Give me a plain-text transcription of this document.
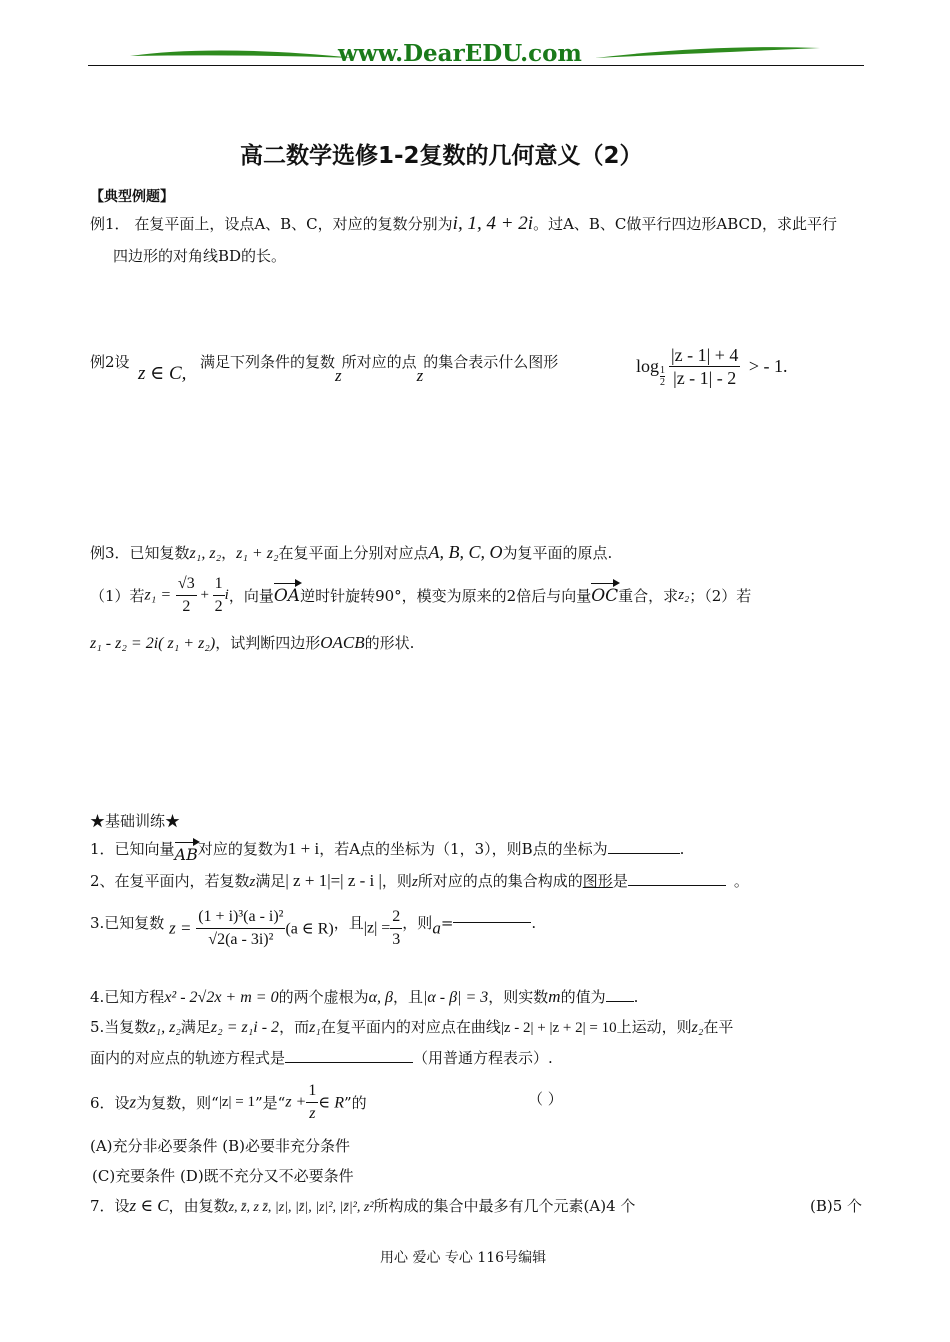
www.DearEDU.com
高二数学选修1-2复数的几何意义（2）
【典型例题】
例1． 在复平面上，设点A、B、C，对应的复数分别为i, 1, 4 + 2i。过A、B、C做平行四边形ABCD，求此平行
四边形的对角线BD的长。
例2设
z ∈ C,
满足下列条件的复数z所对应的点z的集合表示什么图形	$\log \frac{1}{2} \frac{|z - 1| + 4}{|z - 1| - 2}$ > - 1.
例3．已知复数z₁, z₂，z₁ + z₂在复平面上分别对应点A, B, C, O为复平面的原点.
（1）若$z_1 = \frac{√3}{2} + \frac{1}{2}$ i，向量OA逆时针旋转90°，模变为原来的2倍后与向量OC重合，求z₂；（2）若
z₁ - z₂ = 2i( z₁ + z₂)，试判断四边形OACB的形状.
★基础训练★
1．已知向量AB对应的复数为1 + i，若A点的坐标为（1，3），则B点的坐标为	.
2、在复平面内，若复数z满足| z + 1|=| z - i |，则z所对应的点的集合构成的图形是	。
3.已知复数 $z = \frac{\text{(1 + i)³(a - i)²}}{\text{√2(a - 3i)²}} (a$ ∈ R)，且$|z| = \frac{2}{3}$ ，则a=	.
4.已知方程x² - 2√2x + m = 0的两个虚根为α, β，且|α - β| = 3，则实数m的值为 .
5.当复数z₁, z₂满足z₂ = z₁i - 2，而z₁在复平面内的对应点在曲线|z - 2| + |z + 2| = 10上运动，则z₂在平
面内的对应点的轨迹方程式是	（用普通方程表示）.
6．设z为复数，则“|z| = 1”是“$z + \frac{1}{z}$ ∈ R”的	（ ）
(A)充分非必要条件 (B)必要非充分条件
(C)充要条件 (D)既不充分又不必要条件
7．设z ∈ C，由复数z, z̄, z z̄, |z|, |z̄|, |z|², |z̄|², z²所构成的集合中最多有几个元素(A)4 个	(B)5 个
用心 爱心 专心 116号编辑
